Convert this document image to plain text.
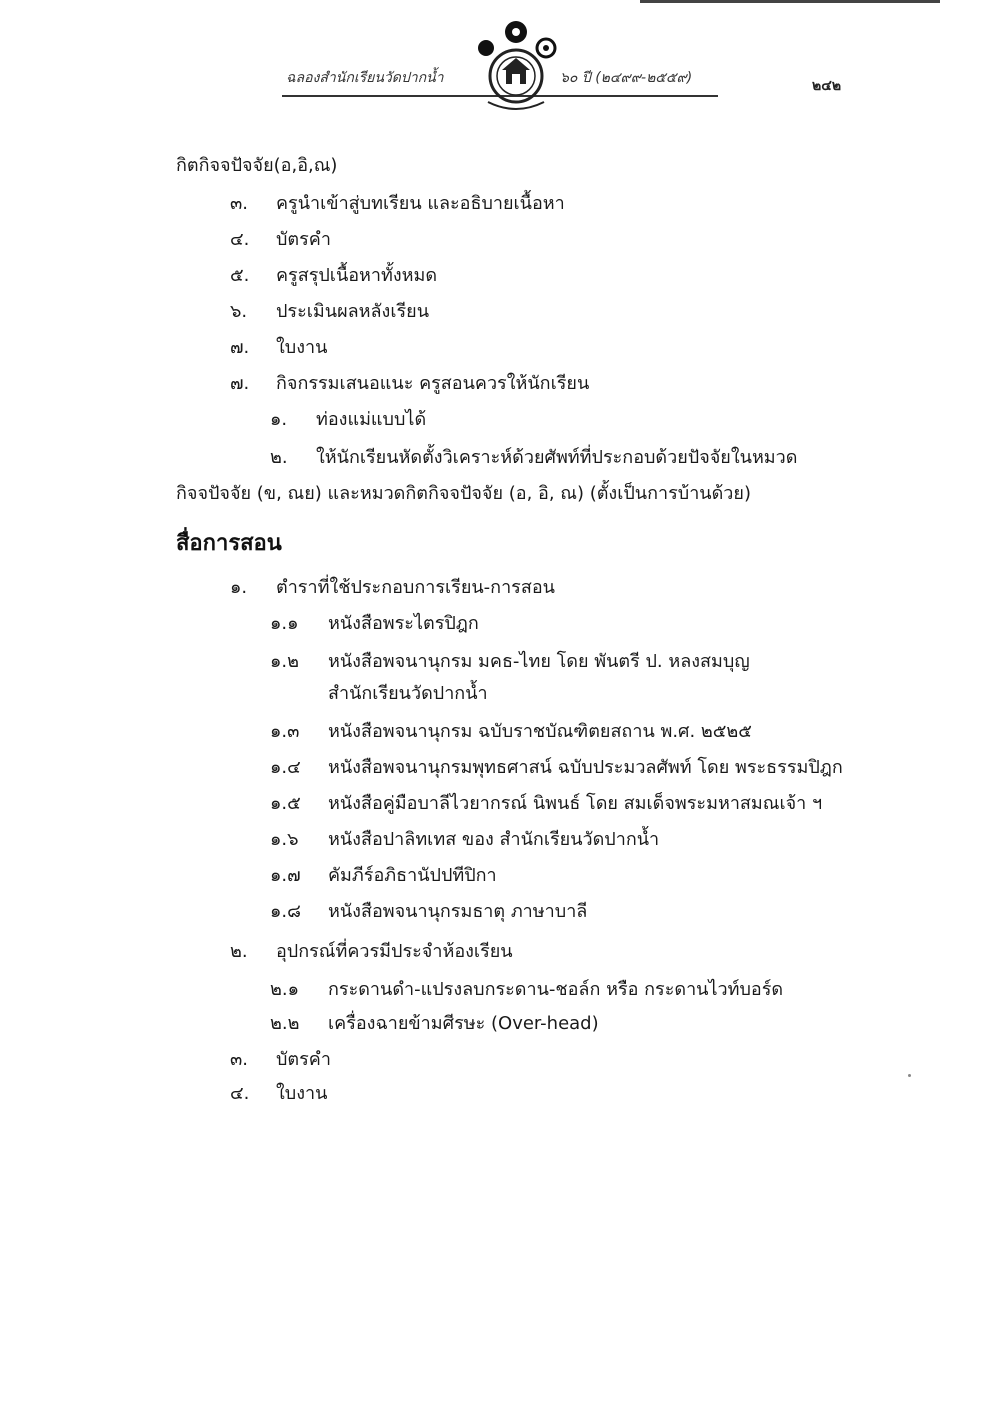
ฉลองสำนักเรียนวัดปากน้ำ	๖๐ ปี (๒๔๙๙-๒๕๕๙)	๒๔๒
กิตกิจจปัจจัย(อ,อิ,ณ)
๓. ครูนำเข้าสู่บทเรียน และอธิบายเนื้อหา
๔. บัตรคำ
๕. ครูสรุปเนื้อหาทั้งหมด
๖. ประเมินผลหลังเรียน
๗. ใบงาน
๗. กิจกรรมเสนอแนะ ครูสอนควรให้นักเรียน
๑. ท่องแม่แบบได้
๒. ให้นักเรียนหัดตั้งวิเคราะห์ด้วยศัพท์ที่ประกอบด้วยปัจจัยในหมวด
กิจจปัจจัย (ข, ณย) และหมวดกิตกิจจปัจจัย (อ, อิ, ณ) (ตั้งเป็นการบ้านด้วย)
สื่อการสอน
๑. ตำราที่ใช้ประกอบการเรียน-การสอน
๑.๑ หนังสือพระไตรปิฎก
๑.๒ หนังสือพจนานุกรม มคธ-ไทย โดย พันตรี ป. หลงสมบุญ
สำนักเรียนวัดปากน้ำ
๑.๓ หนังสือพจนานุกรม ฉบับราชบัณฑิตยสถาน พ.ศ. ๒๕๒๕
๑.๔ หนังสือพจนานุกรมพุทธศาสน์ ฉบับประมวลศัพท์ โดย พระธรรมปิฎก
๑.๕ หนังสือคู่มือบาลีไวยากรณ์ นิพนธ์ โดย สมเด็จพระมหาสมณเจ้า ฯ
๑.๖ หนังสือปาลิทเทส ของ สำนักเรียนวัดปากน้ำ
๑.๗ คัมภีร์อภิธานัปปทีปิกา
๑.๘ หนังสือพจนานุกรมธาตุ ภาษาบาลี
๒. อุปกรณ์ที่ควรมีประจำห้องเรียน
๒.๑ กระดานดำ-แปรงลบกระดาน-ชอล์ก หรือ กระดานไวท์บอร์ด
๒.๒ เครื่องฉายข้ามศีรษะ (Over-head)
๓. บัตรคำ
๔. ใบงาน
